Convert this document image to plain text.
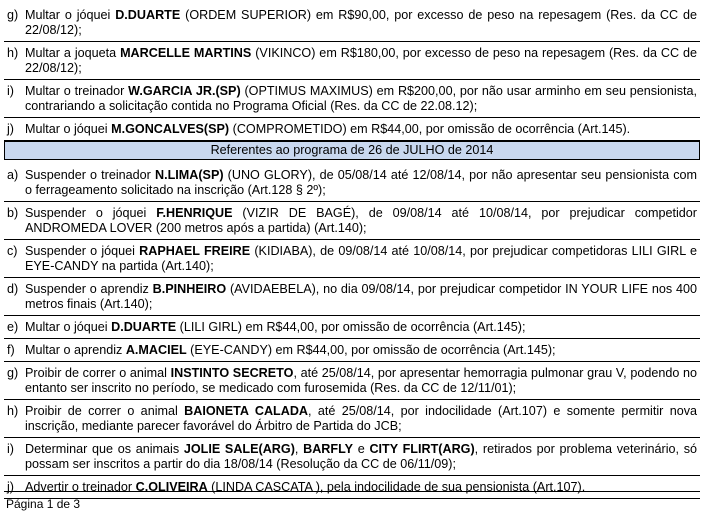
g) Multar o jóquei D.DUARTE (ORDEM SUPERIOR) em R$90,00, por excesso de peso na repesagem (Res. da CC de 22/08/12);
h) Multar a joqueta MARCELLE MARTINS (VIKINCO) em R$180,00, por excesso de peso na repesagem (Res. da CC de 22/08/12);
i) Multar o treinador W.GARCIA JR.(SP) (OPTIMUS MAXIMUS) em R$200,00, por não usar arminho em seu pensionista, contrariando a solicitação contida no Programa Oficial (Res. da CC de 22.08.12);
j) Multar o jóquei M.GONCALVES(SP) (COMPROMETIDO) em R$44,00, por omissão de ocorrência (Art.145).
Referentes ao programa de 26 de JULHO de 2014
a) Suspender o treinador N.LIMA(SP) (UNO GLORY), de 05/08/14 até 12/08/14, por não apresentar seu pensionista com o ferrageamento solicitado na inscrição (Art.128 § 2º);
b) Suspender o jóquei F.HENRIQUE (VIZIR DE BAGÉ), de 09/08/14 até 10/08/14, por prejudicar competidor ANDROMEDA LOVER (200 metros após a partida) (Art.140);
c) Suspender o jóquei RAPHAEL FREIRE (KIDIABA), de 09/08/14 até 10/08/14, por prejudicar competidoras LILI GIRL e EYE-CANDY na partida (Art.140);
d) Suspender o aprendiz B.PINHEIRO (AVIDAEBELA), no dia 09/08/14, por prejudicar competidor IN YOUR LIFE nos 400 metros finais (Art.140);
e) Multar o jóquei D.DUARTE (LILI GIRL) em R$44,00, por omissão de ocorrência (Art.145);
f) Multar o aprendiz A.MACIEL (EYE-CANDY) em R$44,00, por omissão de ocorrência (Art.145);
g) Proibir de correr o animal INSTINTO SECRETO, até 25/08/14, por apresentar hemorragia pulmonar grau V, podendo no entanto ser inscrito no período, se medicado com furosemida (Res. da CC de 12/11/01);
h) Proibir de correr o animal BAIONETA CALADA, até 25/08/14, por indocilidade (Art.107) e somente permitir nova inscrição, mediante parecer favorável do Árbitro de Partida do JCB;
i) Determinar que os animais JOLIE SALE(ARG), BARFLY e CITY FLIRT(ARG), retirados por problema veterinário, só possam ser inscritos a partir do dia 18/08/14 (Resolução da CC de 06/11/09);
j) Advertir o treinador C.OLIVEIRA (LINDA CASCATA ), pela indocilidade de sua pensionista (Art.107).
Página 1 de 3
